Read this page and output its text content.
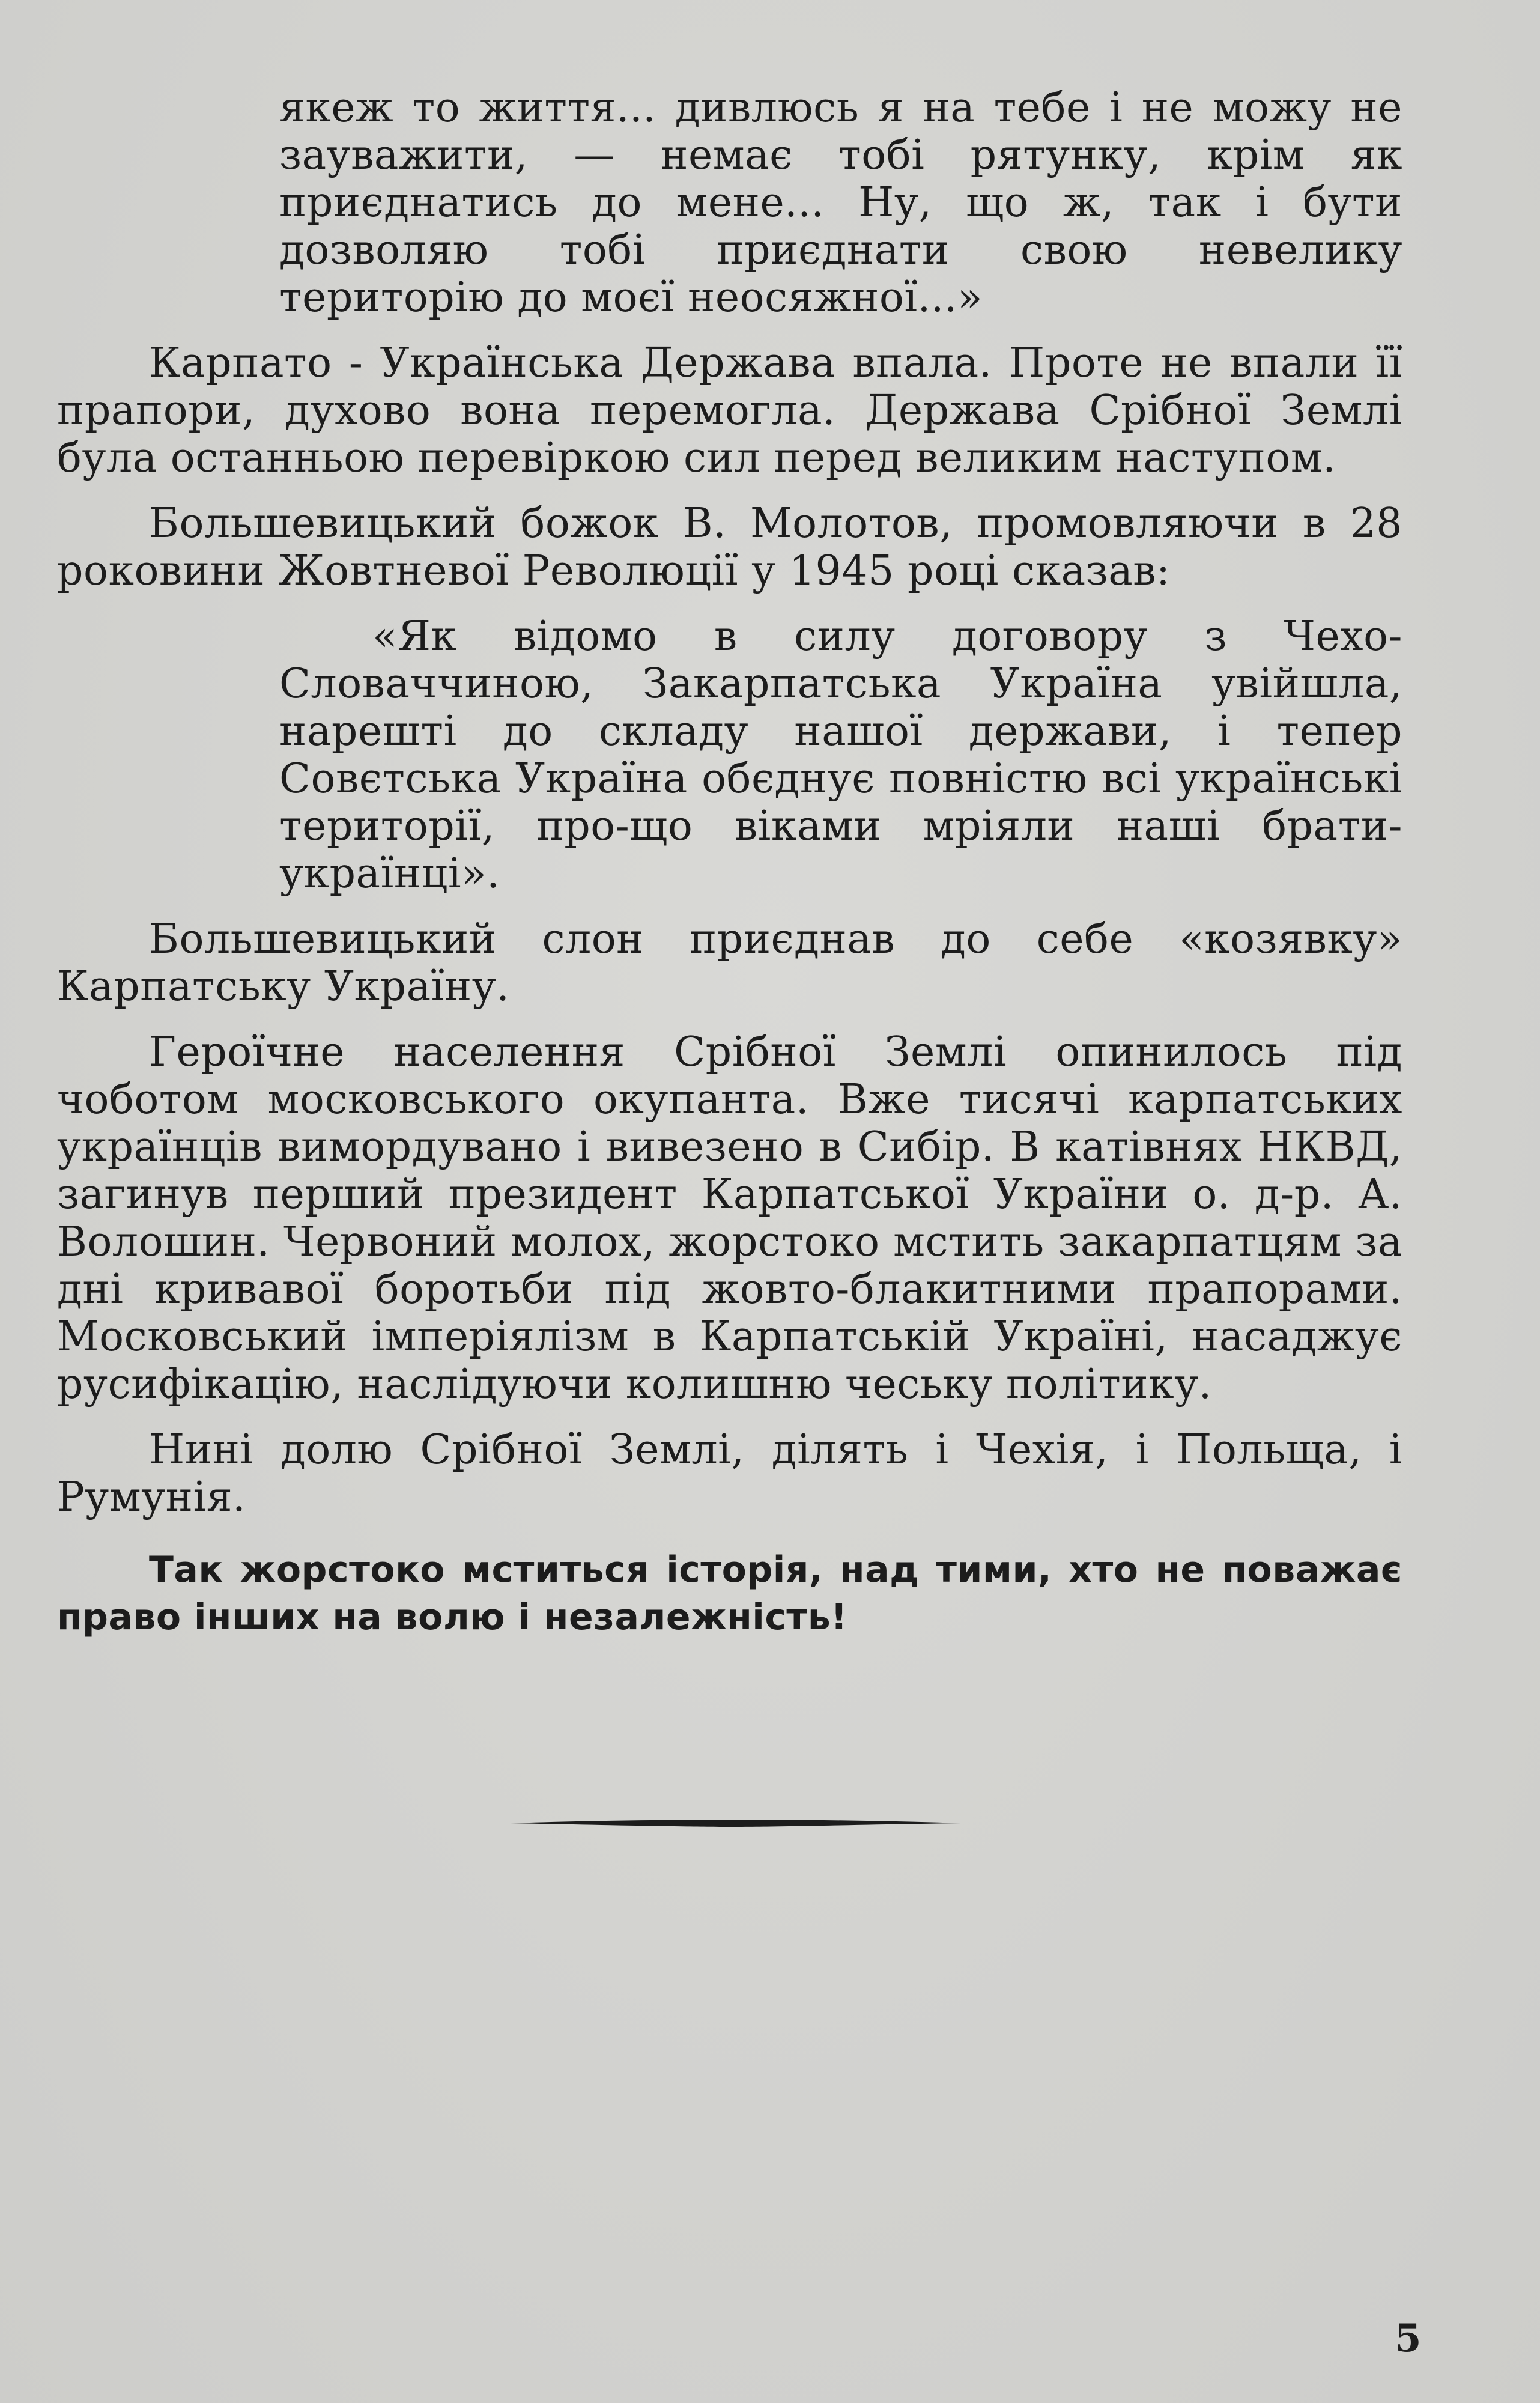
якеж то життя... дивлюсь я на тебе і не можу не зауважити, — немає тобі рятунку, крім як приєднатись до мене... Ну, що ж, так і бути дозволяю тобі приєднати свою невелику територію до моєї неосяжної...»

Карпато - Українська Держава впала. Проте не впали її прапори, духово вона перемогла. Держава Срібної Землі була останньою перевіркою сил перед великим наступом.

Большевицький божок В. Молотов, промовляючи в 28 роковини Жовтневої Революції у 1945 році сказав:

«Як відомо в силу договору з Чехо-Словаччиною, Закарпатська Україна увійшла, нарешті до складу нашої держави, і тепер Совєтська Україна обєднує повністю всі українські території, про-що віками мріяли наші брати-українці».

Большевицький слон приєднав до себе «козявку» Карпатську Україну.

Героїчне населення Срібної Землі опинилось під чоботом московського окупанта. Вже тисячі карпатських українців вимордувано і вивезено в Сибір. В катівнях НКВД, загинув перший президент Карпатської України о. д-р. А. Волошин. Червоний молох, жорстоко мстить закарпатцям за дні кривавої боротьби під жовто-блакитними прапорами. Московський імперіялізм в Карпатській Україні, насаджує русифікацію, наслідуючи колишню чеську політику.

Нині долю Срібної Землі, ділять і Чехія, і Польща, і Румунія.

Так жорстоко мститься історія, над тими, хто не поважає право інших на волю і незалежність!

5
